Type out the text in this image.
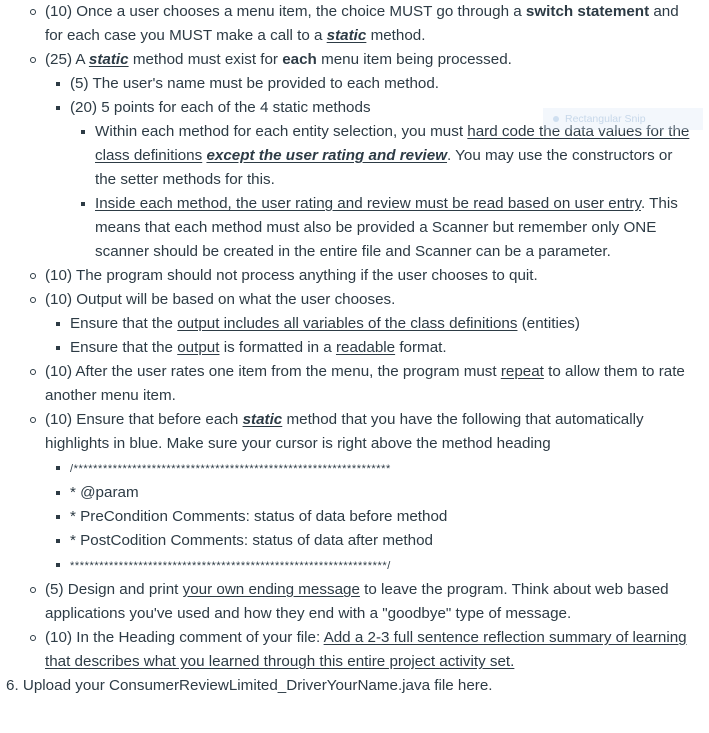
(10) Once a user chooses a menu item, the choice MUST go through a switch statement and for each case you MUST make a call to a static method.
(25) A static method must exist for each menu item being processed.
(5) The user's name must be provided to each method.
(20) 5 points for each of the 4 static methods
Within each method for each entity selection, you must hard code the data values for the class definitions except the user rating and review. You may use the constructors or the setter methods for this.
Inside each method, the user rating and review must be read based on user entry. This means that each method must also be provided a Scanner but remember only ONE scanner should be created in the entire file and Scanner can be a parameter.
(10) The program should not process anything if the user chooses to quit.
(10) Output will be based on what the user chooses.
Ensure that the output includes all variables of the class definitions (entities)
Ensure that the output is formatted in a readable format.
(10) After the user rates one item from the menu, the program must repeat to allow them to rate another menu item.
(10) Ensure that before each static method that you have the following that automatically highlights in blue. Make sure your cursor is right above the method heading
/*****************************************************************
* @param
* PreCondition Comments: status of data before method
* PostCodition Comments: status of data after method
*****************************************************************/
(5) Design and print your own ending message to leave the program. Think about web based applications you've used and how they end with a "goodbye" type of message.
(10) In the Heading comment of your file: Add a 2-3 full sentence reflection summary of learning that describes what you learned through this entire project activity set.
6. Upload your ConsumerReviewLimited_DriverYourName.java file here.
Rectangular Snip
